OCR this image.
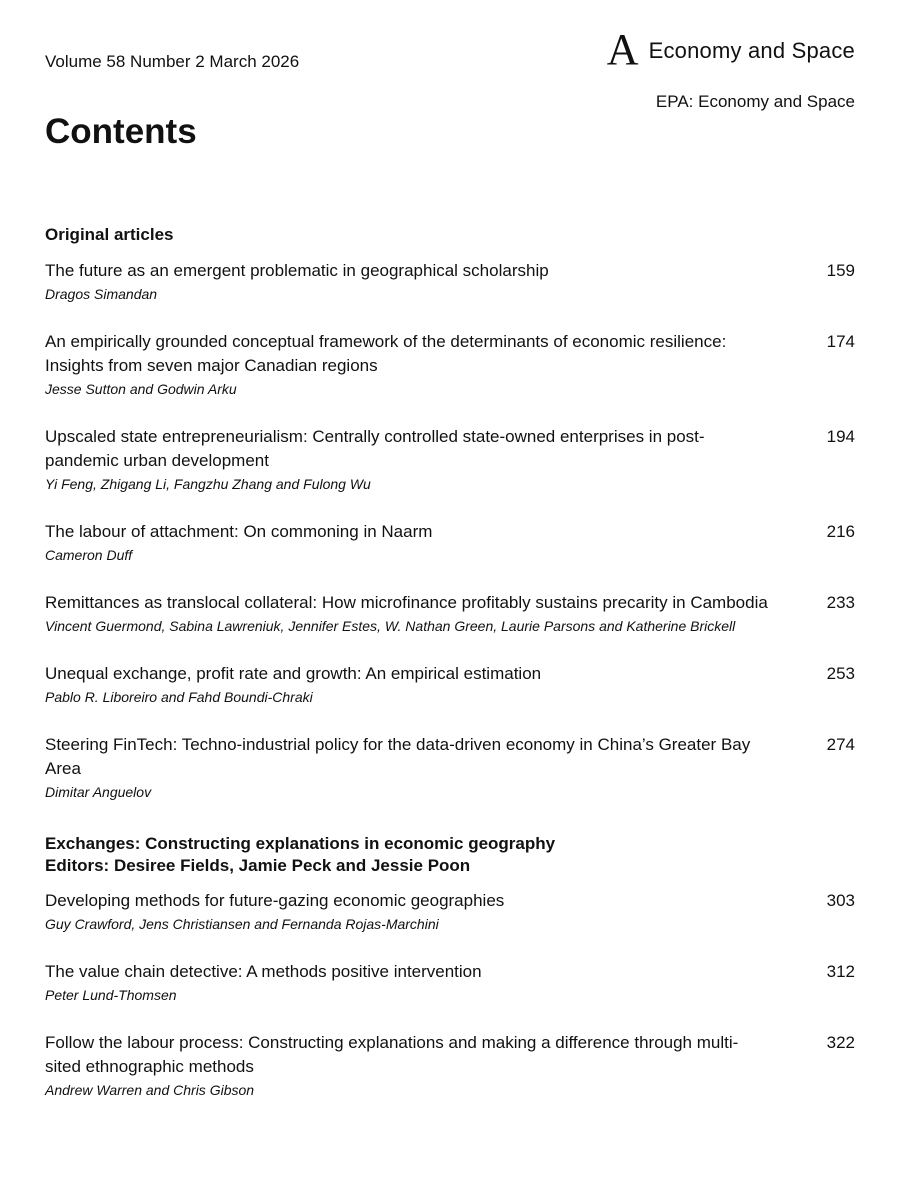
Volume 58 Number 2 March 2026	A Economy and Space
EPA: Economy and Space
Contents
Original articles
The future as an emergent problematic in geographical scholarship
Dragos Simandan
159
An empirically grounded conceptual framework of the determinants of economic resilience: Insights from seven major Canadian regions
Jesse Sutton and Godwin Arku
174
Upscaled state entrepreneurialism: Centrally controlled state-owned enterprises in post-pandemic urban development
Yi Feng, Zhigang Li, Fangzhu Zhang and Fulong Wu
194
The labour of attachment: On commoning in Naarm
Cameron Duff
216
Remittances as translocal collateral: How microfinance profitably sustains precarity in Cambodia
Vincent Guermond, Sabina Lawreniuk, Jennifer Estes, W. Nathan Green, Laurie Parsons and Katherine Brickell
233
Unequal exchange, profit rate and growth: An empirical estimation
Pablo R. Liboreiro and Fahd Boundi-Chraki
253
Steering FinTech: Techno-industrial policy for the data-driven economy in China’s Greater Bay Area
Dimitar Anguelov
274
Exchanges: Constructing explanations in economic geography
Editors: Desiree Fields, Jamie Peck and Jessie Poon
Developing methods for future-gazing economic geographies
Guy Crawford, Jens Christiansen and Fernanda Rojas-Marchini
303
The value chain detective: A methods positive intervention
Peter Lund-Thomsen
312
Follow the labour process: Constructing explanations and making a difference through multi-sited ethnographic methods
Andrew Warren and Chris Gibson
322
